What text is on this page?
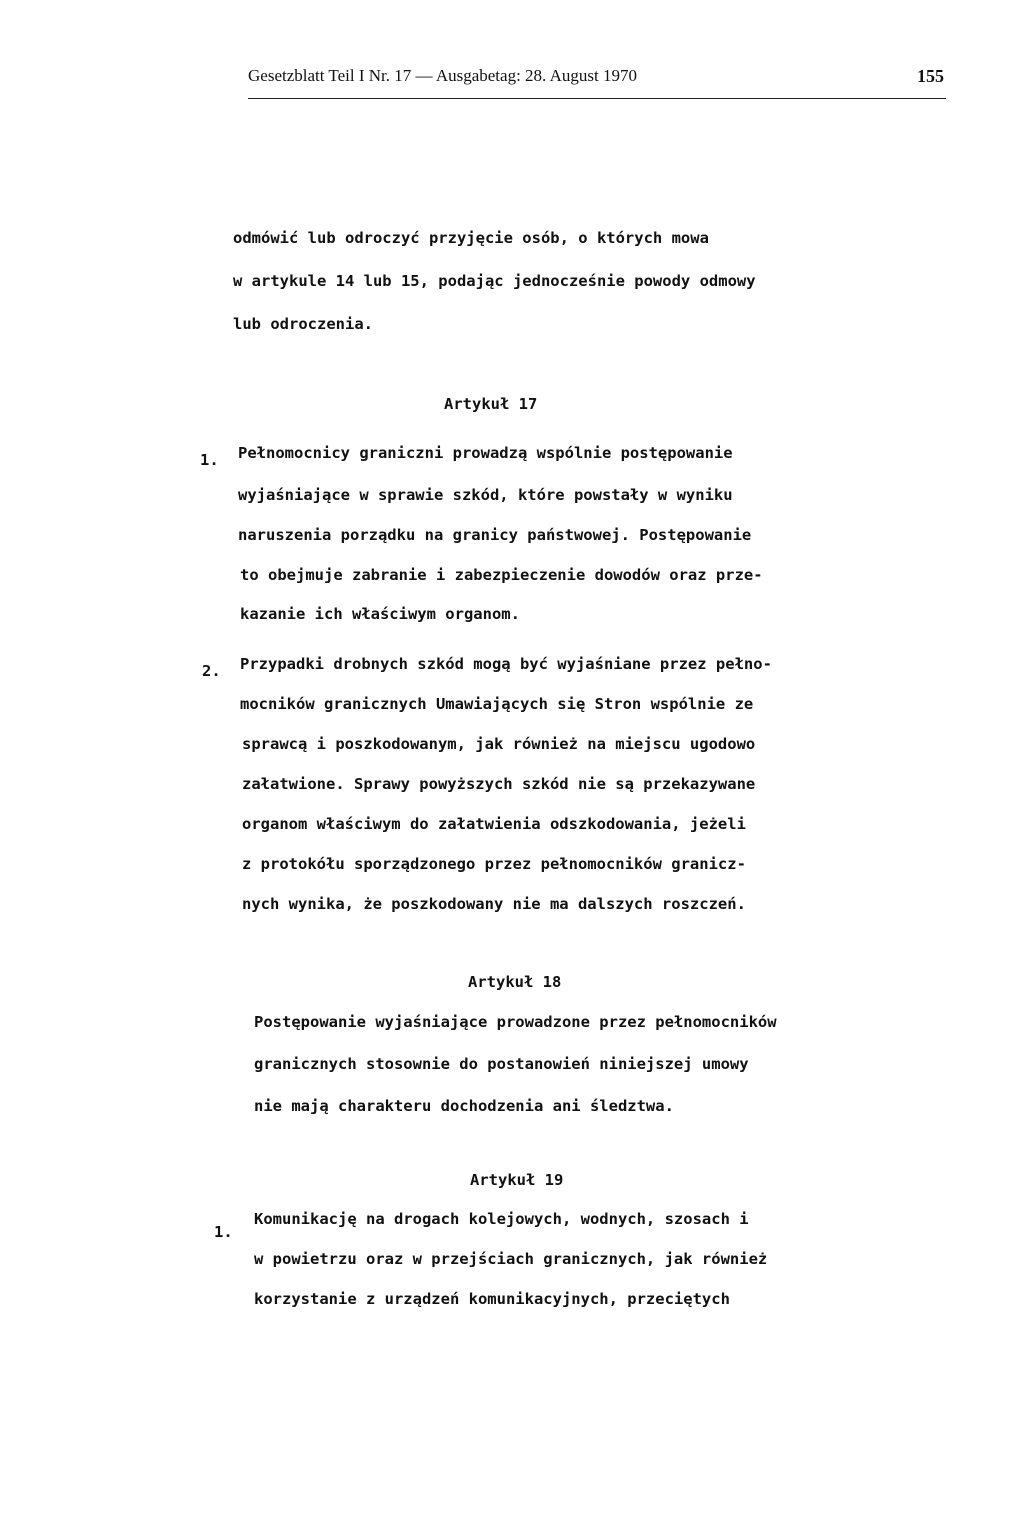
Gesetzblatt Teil I Nr. 17 — Ausgabetag: 28. August 1970	155
odmówić lub odroczyć przyjęcie osób, o których mowa
w artykule 14 lub 15, podając jednocześnie powody odmowy
lub odroczenia.
Artykuł 17
1. Pełnomocnicy graniczni prowadzą wspólnie postępowanie
wyjaśniające w sprawie szkód, które powstały w wyniku
naruszenia porządku na granicy państwowej. Postępowanie
to obejmuje zabranie i zabezpieczenie dowodów oraz prze-
kazanie ich właściwym organom.
2. Przypadki drobnych szkód mogą być wyjaśniane przez pełno-
mocników granicznych Umawiających się Stron wspólnie ze
sprawcą i poszkodowanym, jak również na miejscu ugodowo
załatwione. Sprawy powyższych szkód nie są przekazywane
organom właściwym do załatwienia odszkodowania, jeżeli
z protokółu sporządzonego przez pełnomocników granicz-
nych wynika, że poszkodowany nie ma dalszych roszczeń.
Artykuł 18
Postępowanie wyjaśniające prowadzone przez pełnomocników
granicznych stosownie do postanowień niniejszej umowy
nie mają charakteru dochodzenia ani śledztwa.
Artykuł 19
1.
Komunikację na drogach kolejowych, wodnych, szosach i
w powietrzu oraz w przejściach granicznych, jak również
korzystanie z urządzeń komunikacyjnych, przeciętych
